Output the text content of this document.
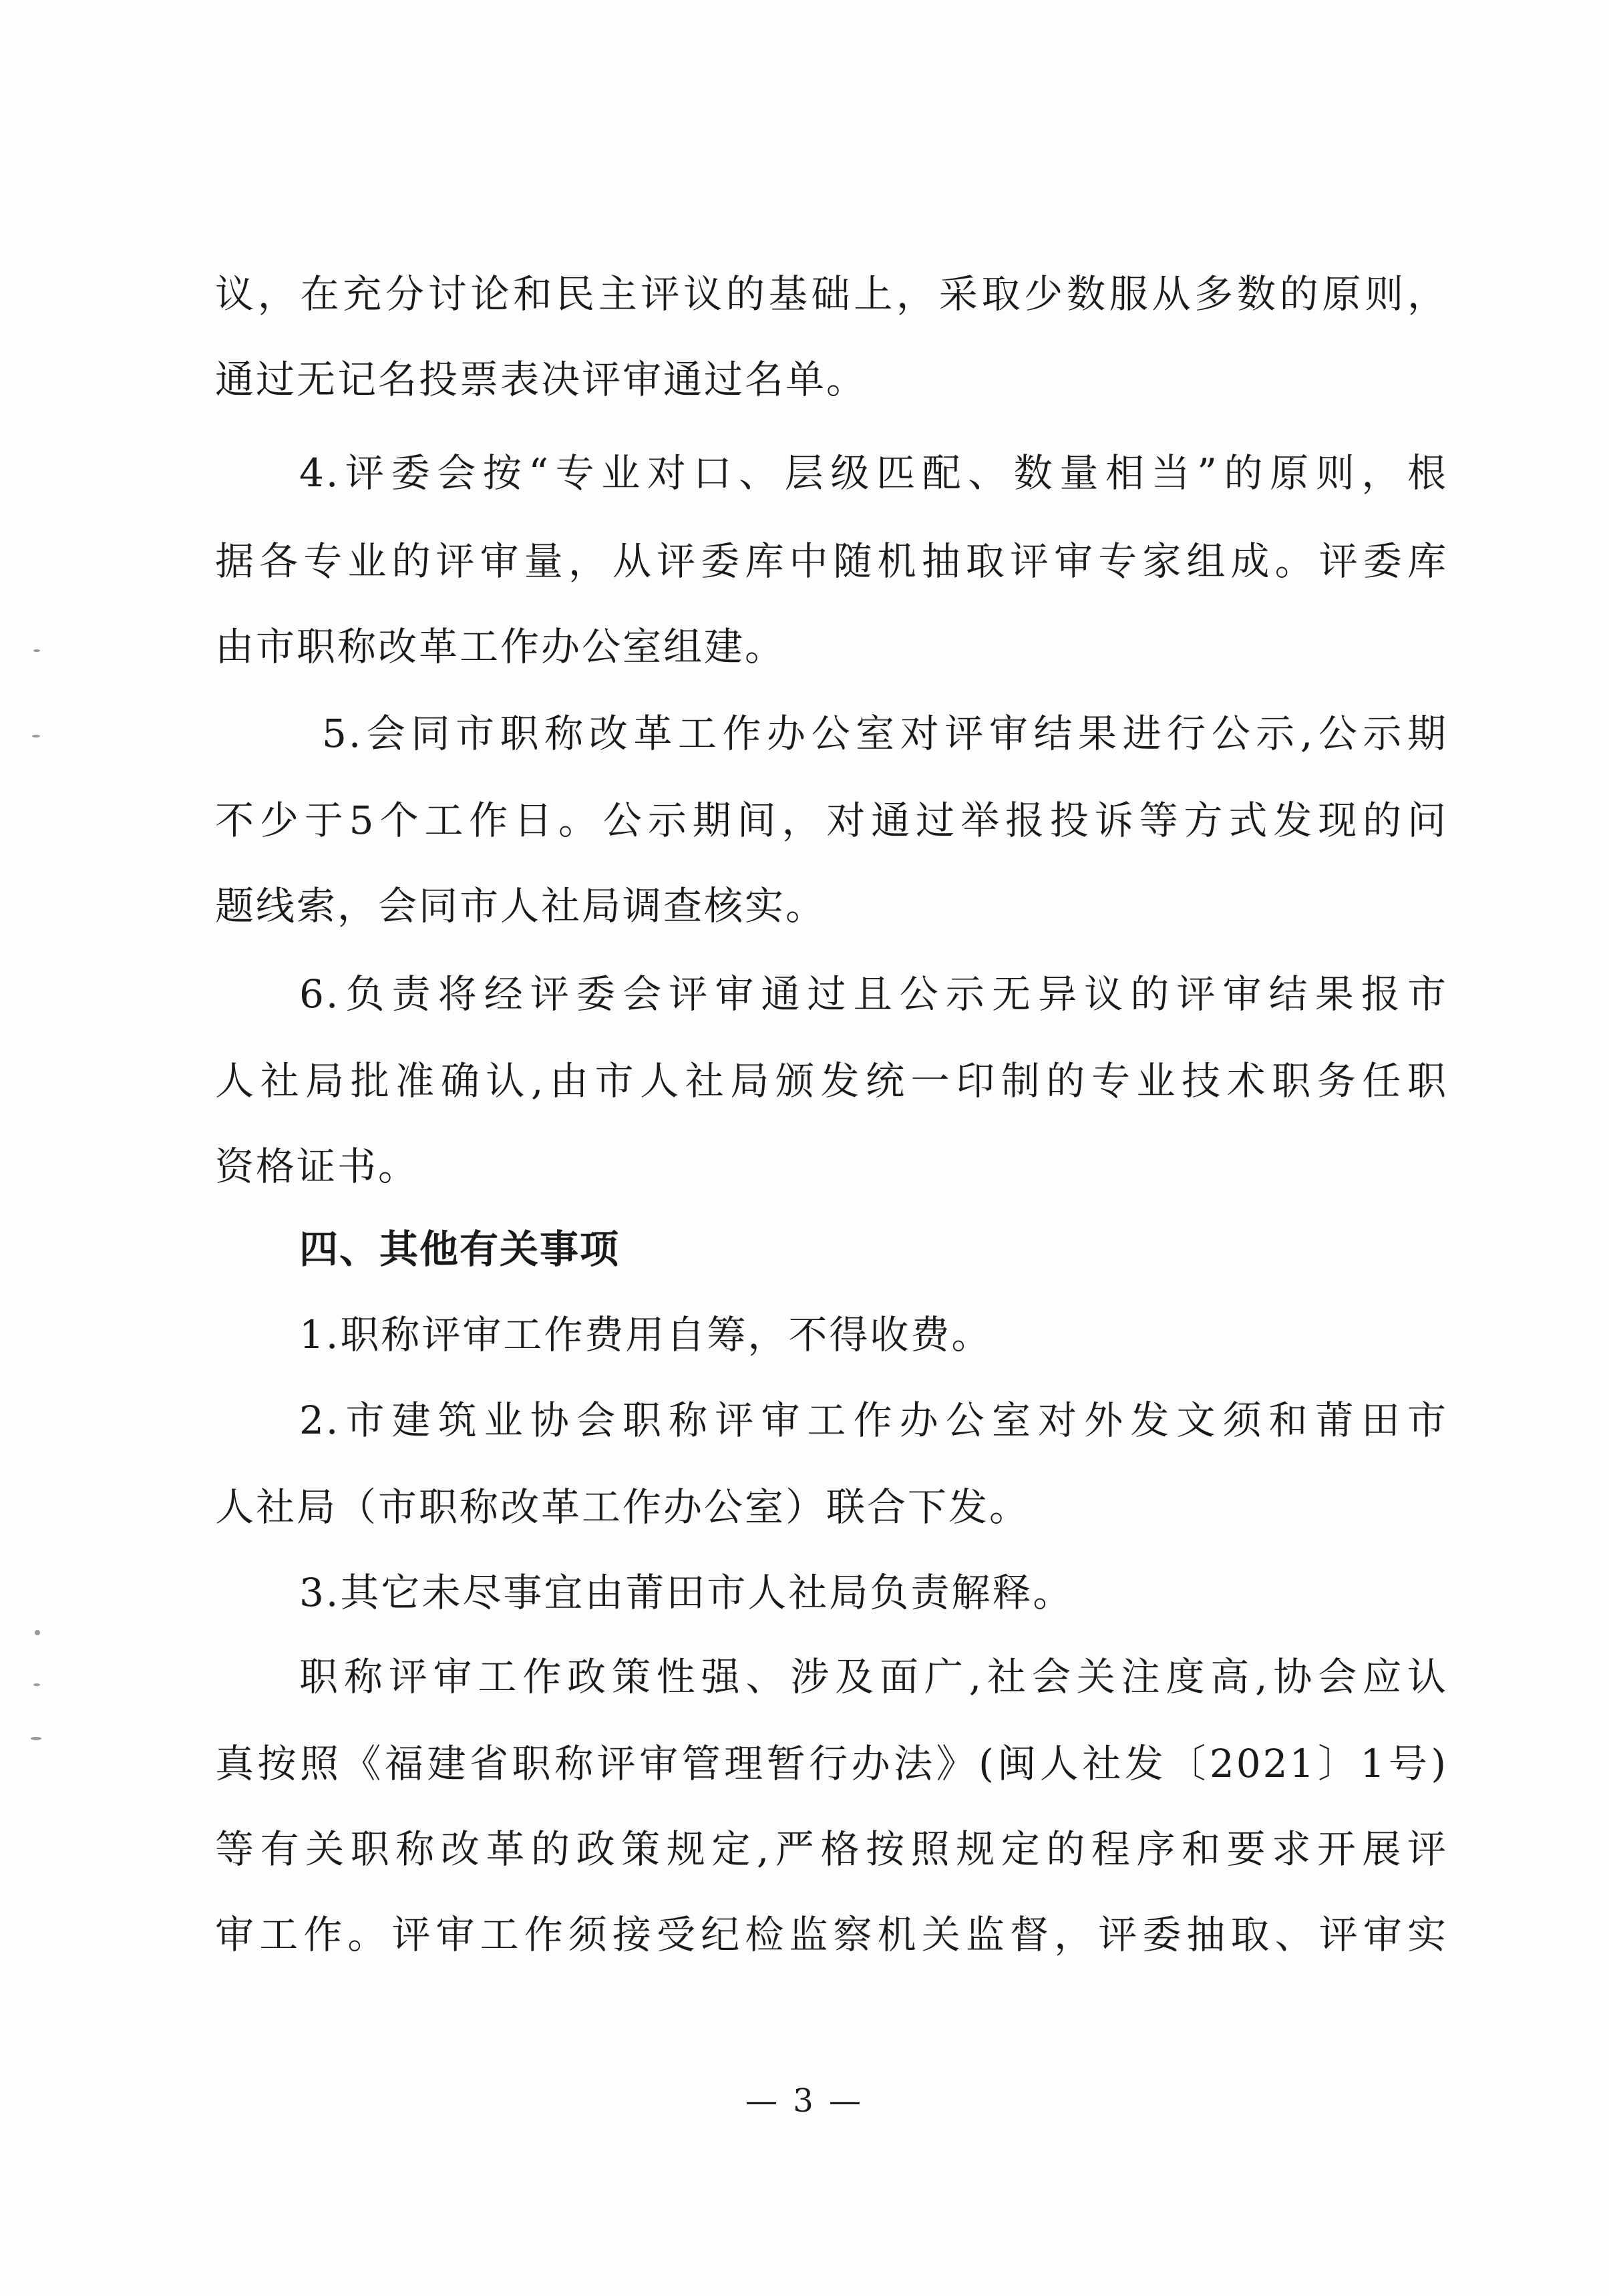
议，在充分讨论和民主评议的基础上，采取少数服从多数的原则，
通过无记名投票表决评审通过名单。
4.评委会按“专业对口、层级匹配、数量相当”的原则，根
据各专业的评审量，从评委库中随机抽取评审专家组成。评委库
由市职称改革工作办公室组建。
5.会同市职称改革工作办公室对评审结果进行公示,公示期
不少于5个工作日。公示期间，对通过举报投诉等方式发现的问
题线索，会同市人社局调查核实。
6.负责将经评委会评审通过且公示无异议的评审结果报市
人社局批准确认,由市人社局颁发统一印制的专业技术职务任职
资格证书。
四、其他有关事项
1.职称评审工作费用自筹，不得收费。
2.市建筑业协会职称评审工作办公室对外发文须和莆田市
人社局（市职称改革工作办公室）联合下发。
3.其它未尽事宜由莆田市人社局负责解释。
职称评审工作政策性强、涉及面广,社会关注度高,协会应认
真按照《福建省职称评审管理暂行办法》(闽人社发〔2021〕1号)
等有关职称改革的政策规定,严格按照规定的程序和要求开展评
审工作。评审工作须接受纪检监察机关监督，评委抽取、评审实
— 3 —
